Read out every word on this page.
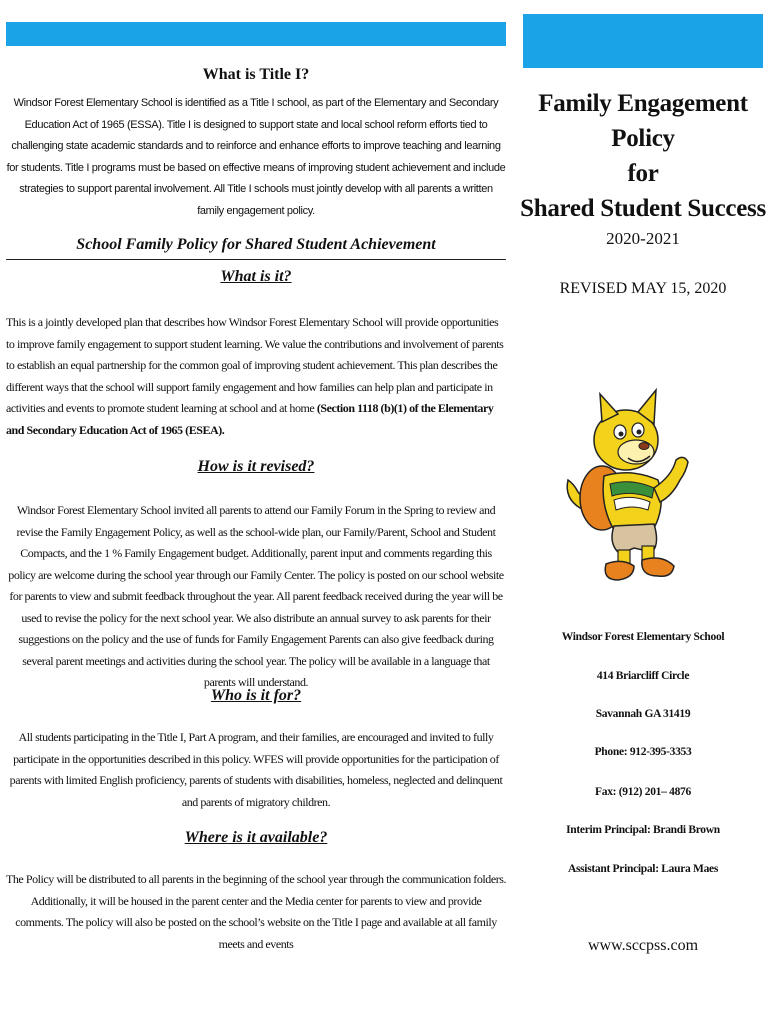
What is Title I?

Windsor Forest Elementary School is identified as a Title I school, as part of the Elementary and Secondary Education Act of 1965 (ESSA). Title I is designed to support state and local school reform efforts tied to challenging state academic standards and to reinforce and enhance efforts to improve teaching and learning for students. Title I programs must be based on effective means of improving student achievement and include strategies to support parental involvement. All Title I schools must jointly develop with all parents a written family engagement policy.

School Family Policy for Shared Student Achievement
What is it?

This is a jointly developed plan that describes how Windsor Forest Elementary School will provide opportunities to improve family engagement to support student learning. We value the contributions and involvement of parents to establish an equal partnership for the common goal of improving student achievement. This plan describes the different ways that the school will support family engagement and how families can help plan and participate in activities and events to promote student learning at school and at home (Section 1118 (b)(1) of the Elementary and Secondary Education Act of 1965 (ESEA).

How is it revised?

Windsor Forest Elementary School invited all parents to attend our Family Forum in the Spring to review and revise the Family Engagement Policy, as well as the school-wide plan, our Family/Parent, School and Student Compacts, and the 1 % Family Engagement budget. Additionally, parent input and comments regarding this policy are welcome during the school year through our Family Center. The policy is posted on our school website for parents to view and submit feedback throughout the year. All parent feedback received during the year will be used to revise the policy for the next school year. We also distribute an annual survey to ask parents for their suggestions on the policy and the use of funds for Family Engagement Parents can also give feedback during several parent meetings and activities during the school year. The policy will be available in a language that parents will understand.

Who is it for?

All students participating in the Title I, Part A program, and their families, are encouraged and invited to fully participate in the opportunities described in this policy. WFES will provide opportunities for the participation of parents with limited English proficiency, parents of students with disabilities, homeless, neglected and delinquent and parents of migratory children.

Where is it available?

The Policy will be distributed to all parents in the beginning of the school year through the communication folders. Additionally, it will be housed in the parent center and the Media center for parents to view and provide comments. The policy will also be posted on the school’s website on the Title I page and available at all family meets and events

Family Engagement Policy
for
Shared Student Success
2020-2021
REVISED MAY 15, 2020
Windsor Forest Elementary School
414 Briarcliff Circle
Savannah GA 31419
Phone: 912-395-3353
Fax: (912) 201– 4876
Interim Principal: Brandi Brown
Assistant Principal: Laura Maes
www.sccpss.com
